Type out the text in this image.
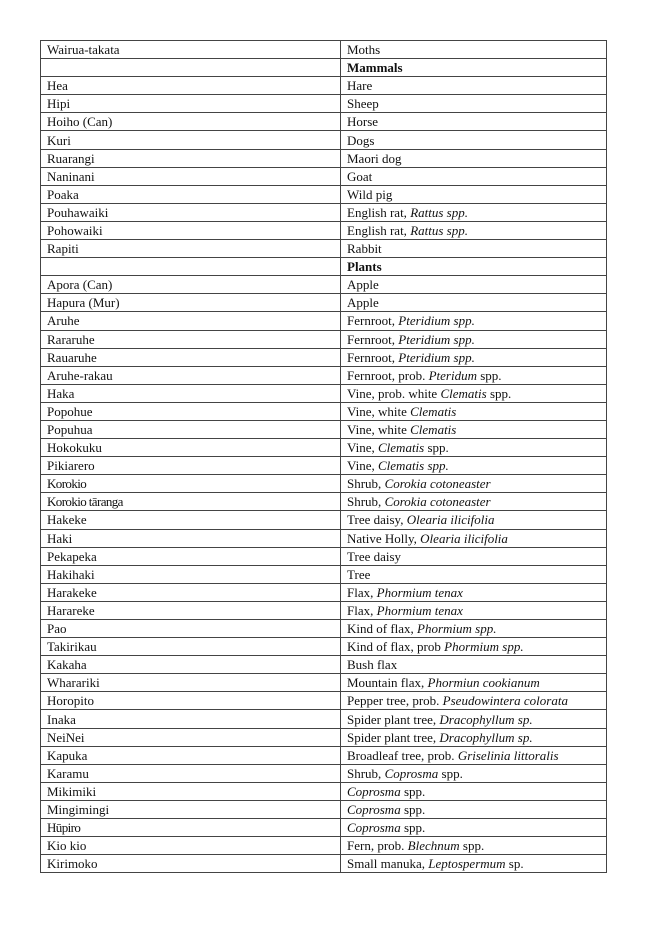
Wairua-takata	Moths
	Mammals
Hea	Hare
Hipi	Sheep
Hoiho (Can)	Horse
Kuri	Dogs
Ruarangi	Maori dog
Naninani	Goat
Poaka	Wild pig
Pouhawaiki	English rat, Rattus spp.
Pohowaiki	English rat, Rattus spp.
Rapiti	Rabbit
	Plants
Apora (Can)	Apple
Hapura (Mur)	Apple
Aruhe	Fernroot, Pteridium spp.
Rararuhe	Fernroot, Pteridium spp.
Rauaruhe	Fernroot, Pteridium spp.
Aruhe-rakau	Fernroot, prob. Pteridum spp.
Haka	Vine, prob. white Clematis spp.
Popohue	Vine, white Clematis
Popuhua	Vine, white Clematis
Hokokuku	Vine, Clematis spp.
Pikiarero	Vine, Clematis spp.
Korokio	Shrub, Corokia cotoneaster
Korokio tāranga	Shrub, Corokia cotoneaster
Hakeke	Tree daisy, Olearia ilicifolia
Haki	Native Holly, Olearia ilicifolia
Pekapeka	Tree daisy
Hakihaki	Tree
Harakeke	Flax, Phormium tenax
Harareke	Flax, Phormium tenax
Pao	Kind of flax, Phormium spp.
Takirikau	Kind of flax, prob Phormium spp.
Kakaha	Bush flax
Wharariki	Mountain flax, Phormiun cookianum
Horopito	Pepper tree, prob. Pseudowintera colorata
Inaka	Spider plant tree, Dracophyllum sp.
NeiNei	Spider plant tree, Dracophyllum sp.
Kapuka	Broadleaf tree, prob. Griselinia littoralis
Karamu	Shrub, Coprosma spp.
Mikimiki	Coprosma spp.
Mingimingi	Coprosma spp.
Hūpiro	Coprosma spp.
Kio kio	Fern, prob. Blechnum spp.
Kirimoko	Small manuka, Leptospermum sp.
